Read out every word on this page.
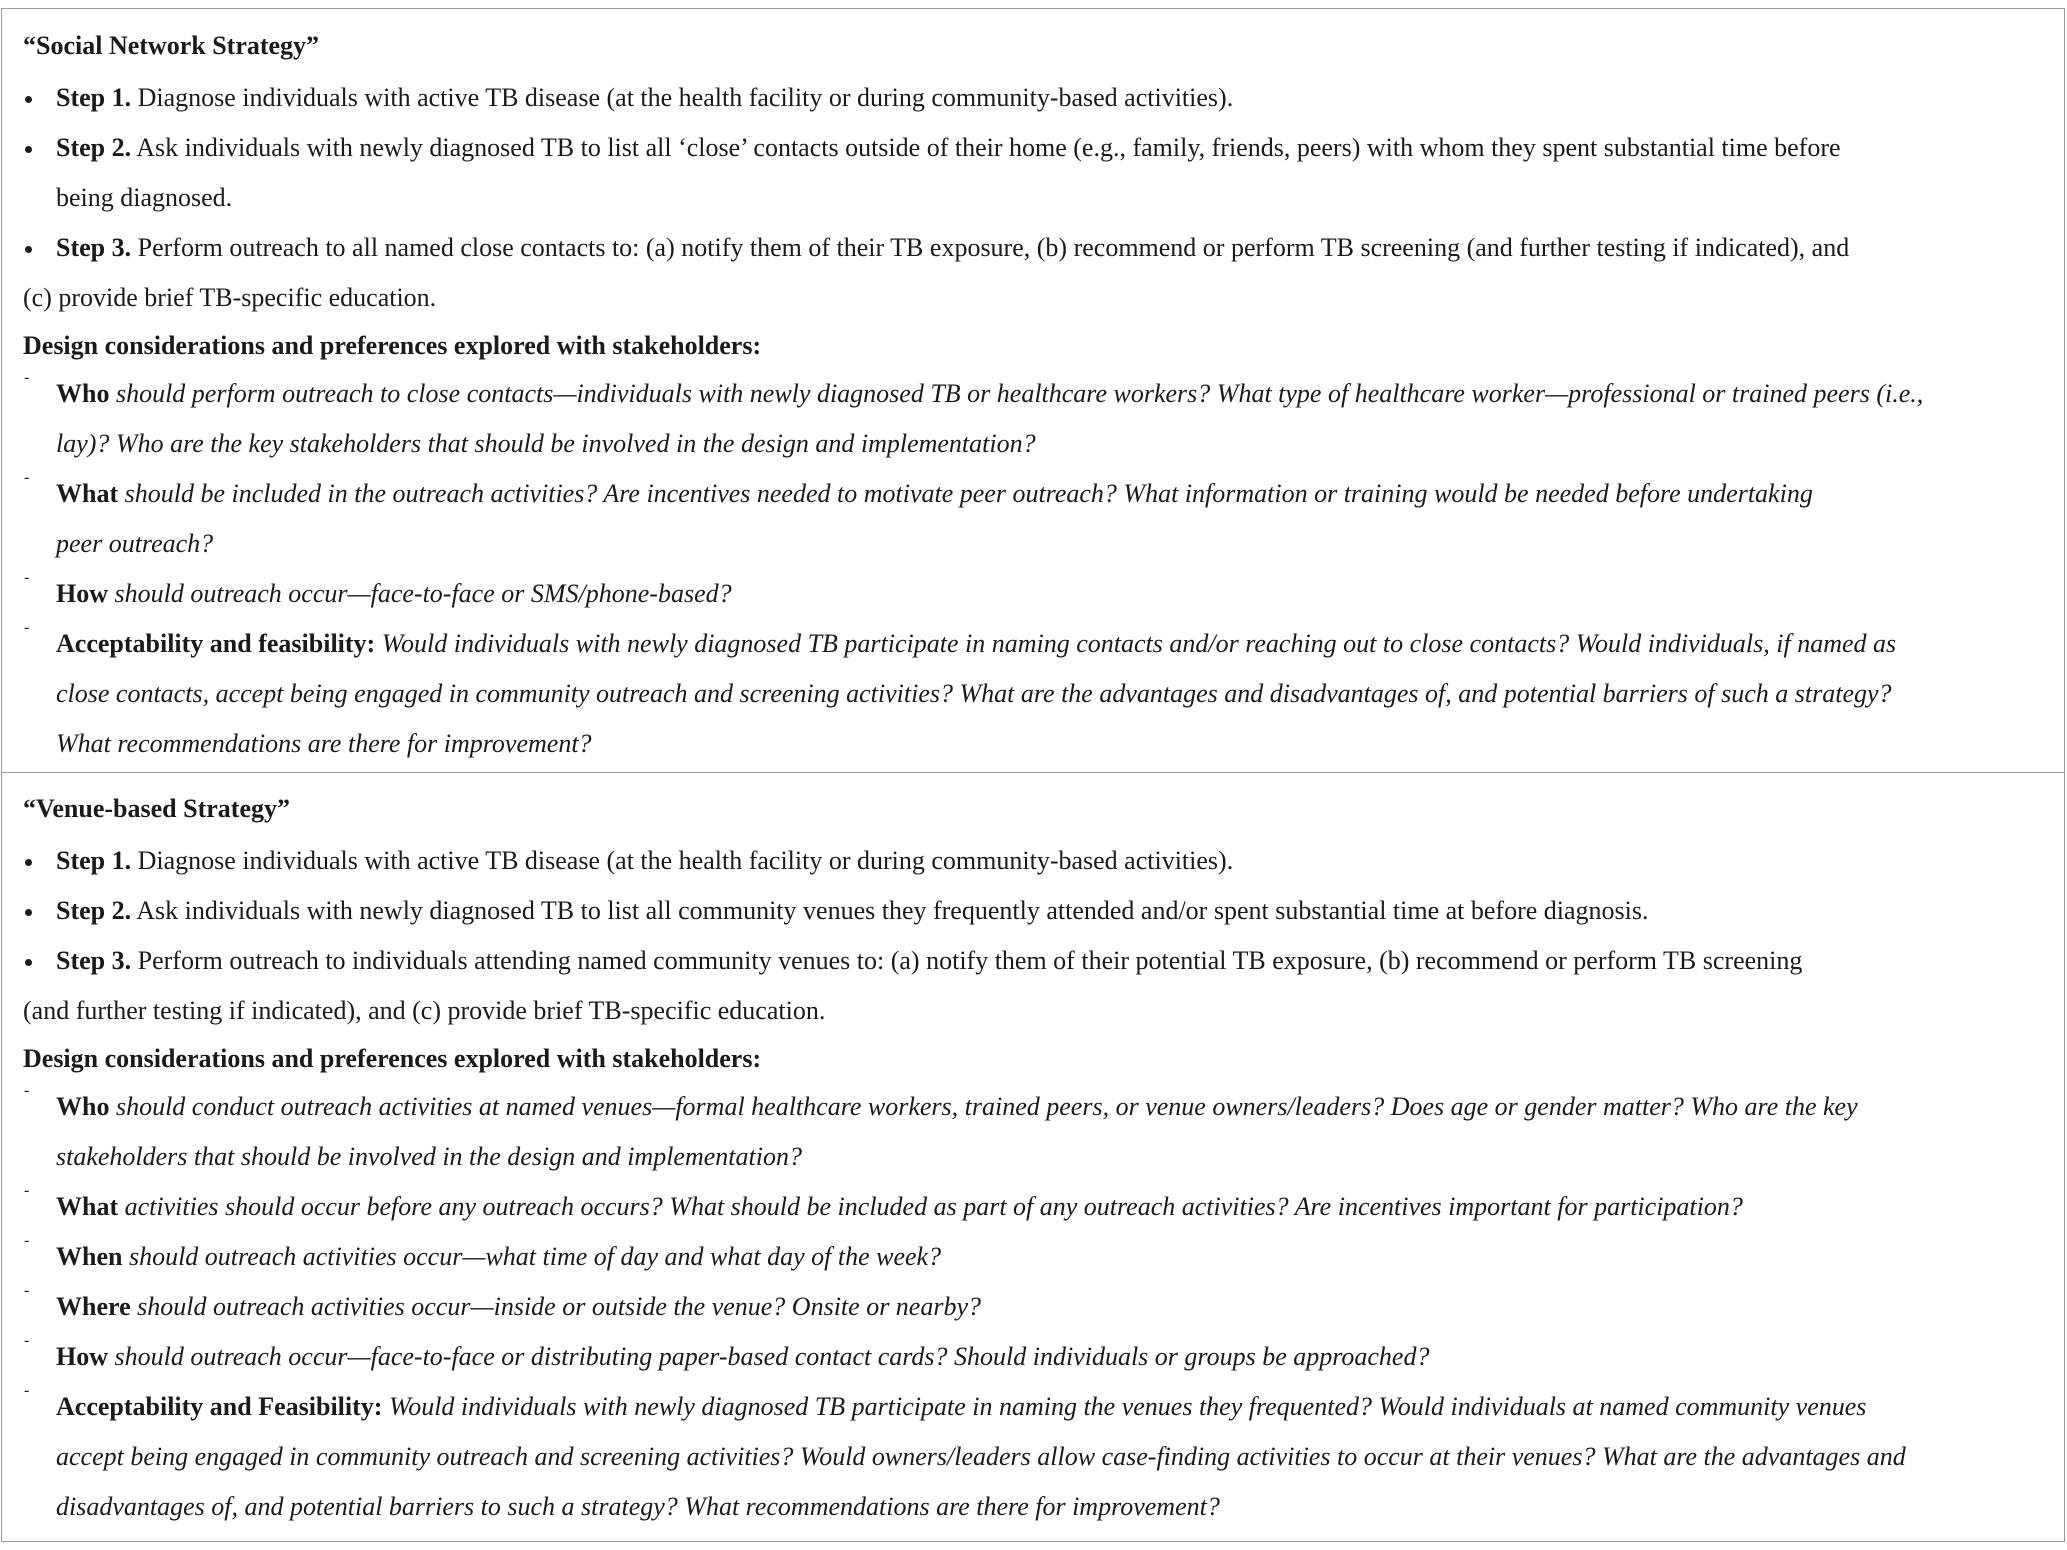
“Social Network Strategy”

Step 1. Diagnose individuals with active TB disease (at the health facility or during community-based activities).

Step 2. Ask individuals with newly diagnosed TB to list all ‘close’ contacts outside of their home (e.g., family, friends, peers) with whom they spent substantial time before

being diagnosed.

Step 3. Perform outreach to all named close contacts to: (a) notify them of their TB exposure, (b) recommend or perform TB screening (and further testing if indicated), and

(c) provide brief TB-specific education.

Design considerations and preferences explored with stakeholders:

-

Who should perform outreach to close contacts—individuals with newly diagnosed TB or healthcare workers? What type of healthcare worker—professional or trained peers (i.e.,

lay)? Who are the key stakeholders that should be involved in the design and implementation?

-

What should be included in the outreach activities? Are incentives needed to motivate peer outreach? What information or training would be needed before undertaking

peer outreach?

-

How should outreach occur—face-to-face or SMS/phone-based?

-

Acceptability and feasibility: Would individuals with newly diagnosed TB participate in naming contacts and/or reaching out to close contacts? Would individuals, if named as

close contacts, accept being engaged in community outreach and screening activities? What are the advantages and disadvantages of, and potential barriers of such a strategy?

What recommendations are there for improvement?

“Venue-based Strategy”

Step 1. Diagnose individuals with active TB disease (at the health facility or during community-based activities).

Step 2. Ask individuals with newly diagnosed TB to list all community venues they frequently attended and/or spent substantial time at before diagnosis.

Step 3. Perform outreach to individuals attending named community venues to: (a) notify them of their potential TB exposure, (b) recommend or perform TB screening

(and further testing if indicated), and (c) provide brief TB-specific education.

Design considerations and preferences explored with stakeholders:

-

Who should conduct outreach activities at named venues—formal healthcare workers, trained peers, or venue owners/leaders? Does age or gender matter? Who are the key

stakeholders that should be involved in the design and implementation?

-

What activities should occur before any outreach occurs? What should be included as part of any outreach activities? Are incentives important for participation?

-

When should outreach activities occur—what time of day and what day of the week?

-

Where should outreach activities occur—inside or outside the venue? Onsite or nearby?

-

How should outreach occur—face-to-face or distributing paper-based contact cards? Should individuals or groups be approached?

-

Acceptability and Feasibility: Would individuals with newly diagnosed TB participate in naming the venues they frequented? Would individuals at named community venues

accept being engaged in community outreach and screening activities? Would owners/leaders allow case-finding activities to occur at their venues? What are the advantages and

disadvantages of, and potential barriers to such a strategy? What recommendations are there for improvement?
